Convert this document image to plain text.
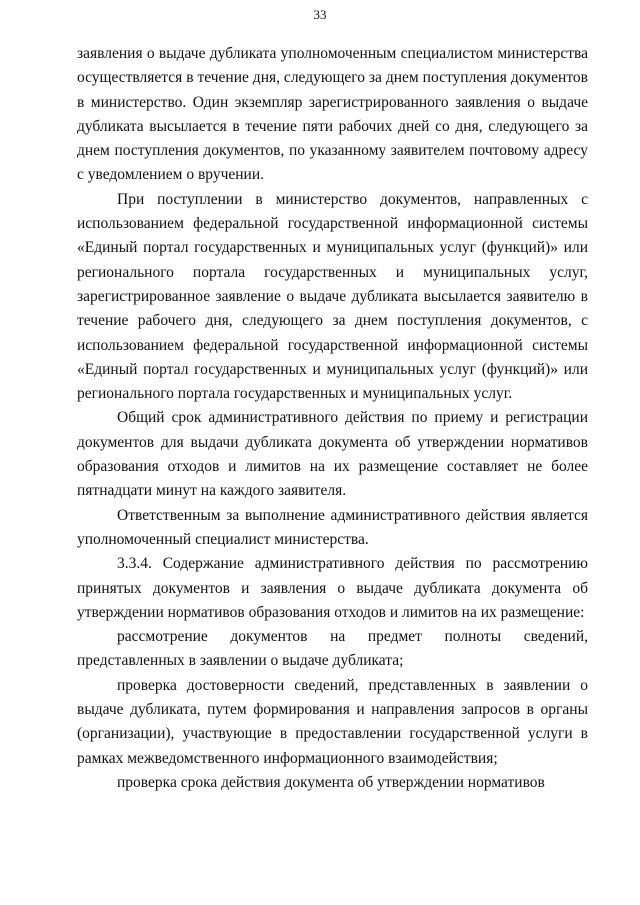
33

заявления о выдаче дубликата уполномоченным специалистом министерства осуществляется в течение дня, следующего за днем поступления документов в министерство. Один экземпляр зарегистрированного заявления о выдаче дубликата высылается в течение пяти рабочих дней со дня, следующего за днем поступления документов, по указанному заявителем почтовому адресу с уведомлением о вручении.

При поступлении в министерство документов, направленных с использованием федеральной государственной информационной системы «Единый портал государственных и муниципальных услуг (функций)» или регионального портала государственных и муниципальных услуг, зарегистрированное заявление о выдаче дубликата высылается заявителю в течение рабочего дня, следующего за днем поступления документов, с использованием федеральной государственной информационной системы «Единый портал государственных и муниципальных услуг (функций)» или регионального портала государственных и муниципальных услуг.

Общий срок административного действия по приему и регистрации документов для выдачи дубликата документа об утверждении нормативов образования отходов и лимитов на их размещение составляет не более пятнадцати минут на каждого заявителя.

Ответственным за выполнение административного действия является уполномоченный специалист министерства.

3.3.4. Содержание административного действия по рассмотрению принятых документов и заявления о выдаче дубликата документа об утверждении нормативов образования отходов и лимитов на их размещение:

рассмотрение документов на предмет полноты сведений, представленных в заявлении о выдаче дубликата;

проверка достоверности сведений, представленных в заявлении о выдаче дубликата, путем формирования и направления запросов в органы (организации), участвующие в предоставлении государственной услуги в рамках межведомственного информационного взаимодействия;

проверка срока действия документа об утверждении нормативов
